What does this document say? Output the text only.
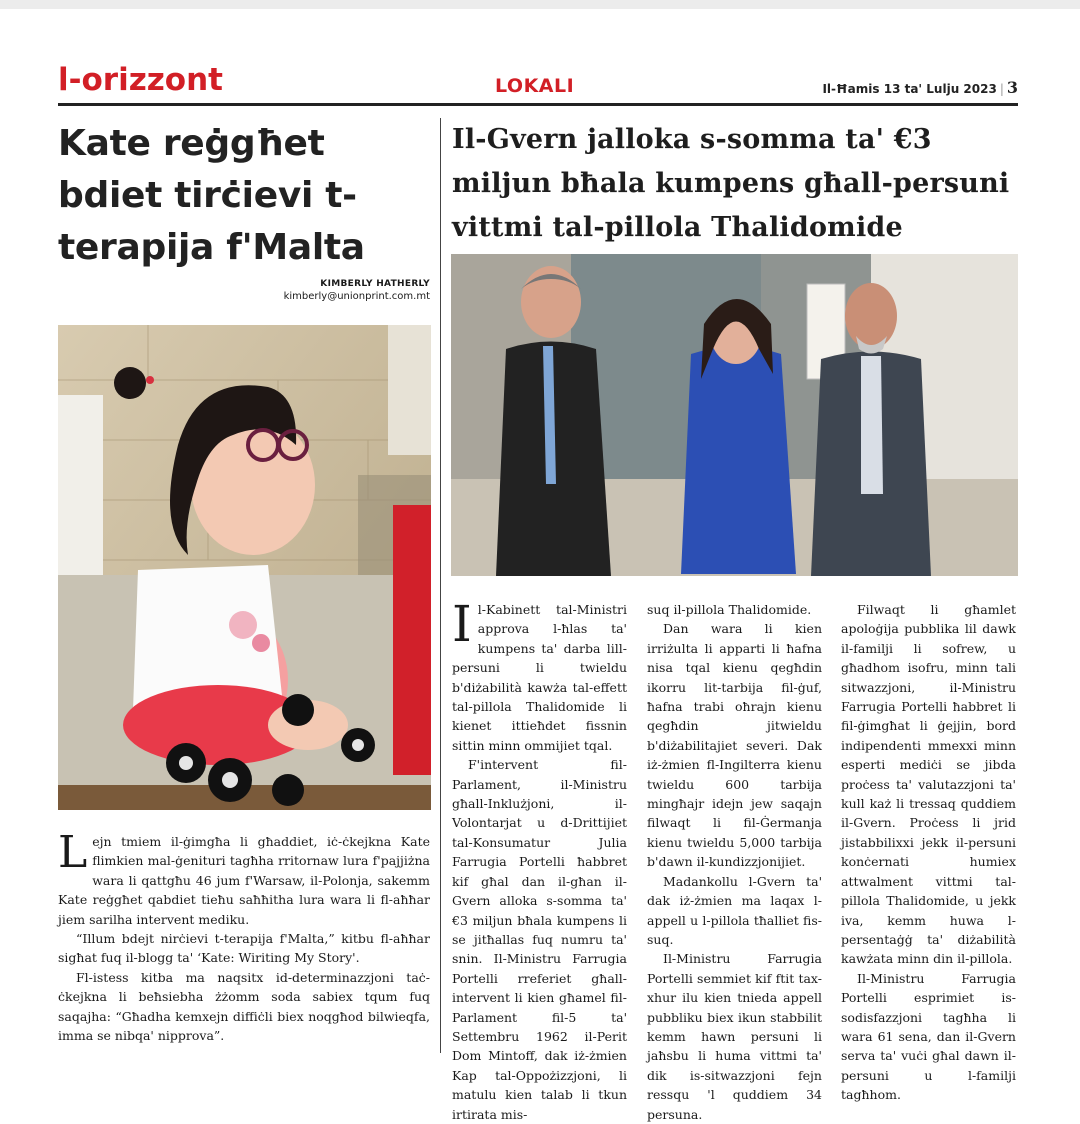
l-orizzont	LOKALI	Il-Ħamis 13 ta' Lulju 2023 | 3
Kate reġgħet bdiet tirċievi t-terapija f'Malta
KIMBERLY HATHERLY
kimberly@unionprint.com.mt

Lejn tmiem il-ġimgħa li għaddiet, iċ-ċkejkna Kate flimkien mal-ġenituri tagħha rritornaw lura f'pajjiżna wara li qattgħu 46 jum f'Warsaw, il-Polonja, sakemm Kate reġgħet qabdiet tieħu saħħitha lura wara li fl-aħħar jiem sarilha intervent mediku.

“Illum bdejt nirċievi t-terapija f'Malta,” kitbu fl-aħħar sigħat fuq il-blogg ta' ‘Kate: Wiriting My Story'.

Fl-istess kitba ma naqsitx id-determinazzjoni taċ-ċkejkna li beħsiebha żżomm soda sabiex tqum fuq saqajha: “Għadha kemxejn diffiċli biex noqgħod bilwieqfa, imma se nibqa' nipprova”.

Il-Gvern jalloka s-somma ta' €3 miljun bħala kumpens għall-persuni vittmi tal-pillola Thalidomide

Il-Kabinett tal-Ministri approva l-ħlas ta' kumpens ta' darba lill-persuni li twieldu b'diżabilità kawża tal-effett tal-pillola Thalidomide li kienet ittieħdet fissnin sittin minn ommijiet tqal.

F'intervent fil-Parlament, il-Ministru għall-Inklużjoni, il-Volontarjat u d-Drittijiet tal-Konsumatur Julia Farrugia Portelli ħabbret kif għal dan il-għan il-Gvern alloka s-somma ta' €3 miljun bħala kumpens li se jitħallas fuq numru ta' snin. Il-Ministru Farrugia Portelli rreferiet għall-intervent li kien għamel fil-Parlament fil-5 ta' Settembru 1962 il-Perit Dom Mintoff, dak iż-żmien Kap tal-Oppożizzjoni, li matulu kien talab li tkun irtirata mis-

suq il-pillola Thalidomide.

Dan wara li kien irriżulta li apparti li ħafna nisa tqal kienu qegħdin ikorru lit-tarbija fil-ġuf, ħafna trabi oħrajn kienu qegħdin jitwieldu b'diżabilitajiet severi. Dak iż-żmien fl-Ingilterra kienu twieldu 600 tarbija mingħajr idejn jew saqajn filwaqt li fil-Ġermanja kienu twieldu 5,000 tarbija b'dawn il-kundizzjonijiet.

Madankollu l-Gvern ta' dak iż-żmien ma laqax l-appell u l-pillola tħalliet fis-suq.

Il-Ministru Farrugia Portelli semmiet kif ftit tax-xhur ilu kien tnieda appell pubbliku biex ikun stabbilit kemm hawn persuni li jaħsbu li huma vittmi ta' dik is-sitwazzjoni fejn ressqu 'l quddiem 34 persuna.

Filwaqt li għamlet apoloġija pubblika lil dawk il-familji li sofrew, u għadhom isofru, minn tali sitwazzjoni, il-Ministru Farrugia Portelli ħabbret li fil-ġimgħat li ġejjin, bord indipendenti mmexxi minn esperti mediċi se jibda proċess ta' valutazzjoni ta' kull każ li tressaq quddiem il-Gvern. Proċess li jrid jistabbilixxi jekk il-persuni konċernati humiex attwalment vittmi tal-pillola Thalidomide, u jekk iva, kemm huwa l-persentaġġ ta' diżabilità kawżata minn din il-pillola.

Il-Ministru Farrugia Portelli esprimiet is-sodisfazzjoni tagħha li wara 61 sena, dan il-Gvern serva ta' vuċi għal dawn il-persuni u l-familji tagħhom.
